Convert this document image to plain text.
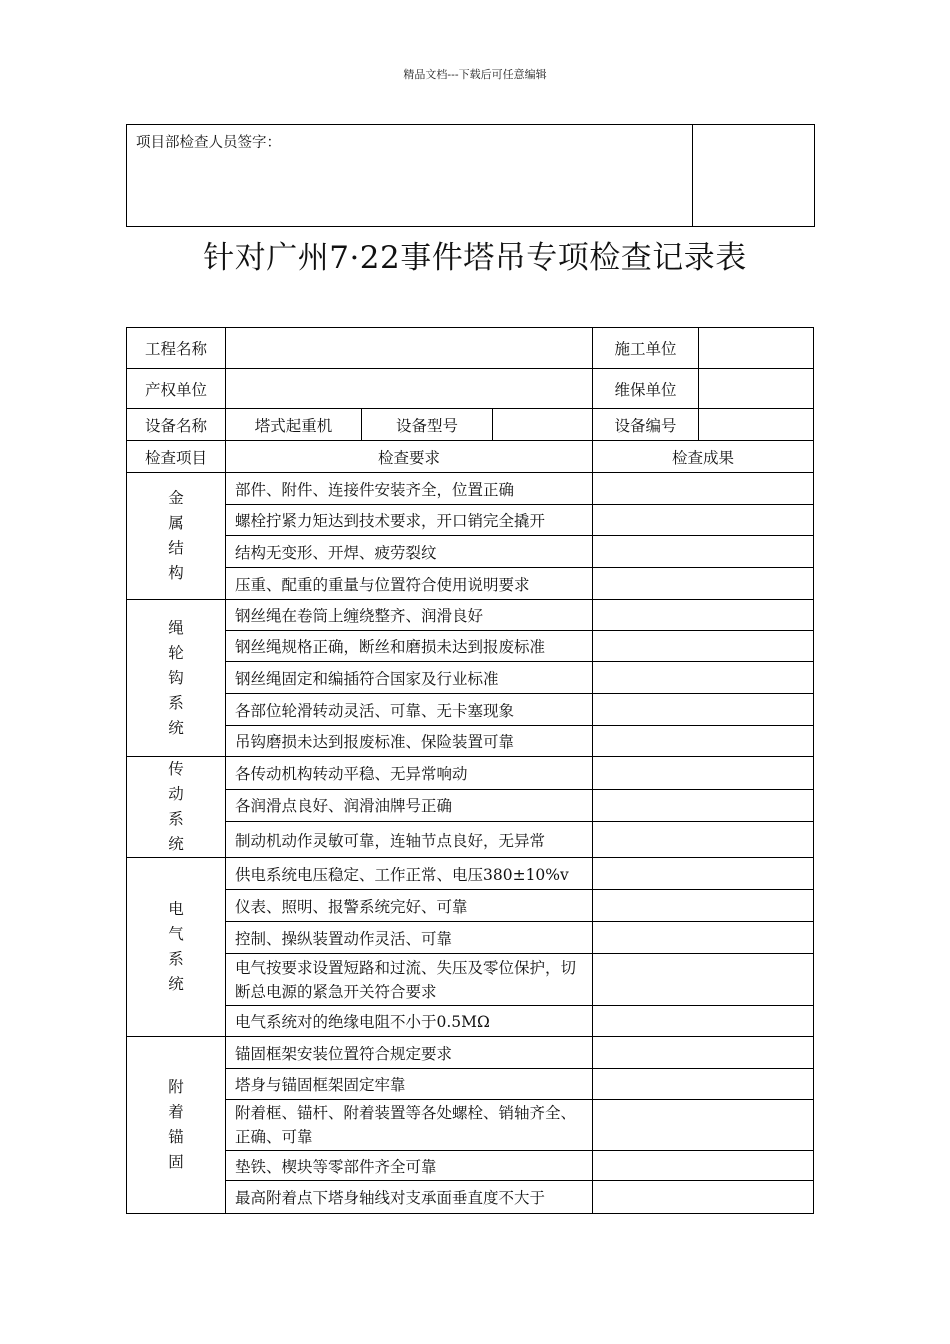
精品文档---下载后可任意编辑
项目部检查人员签字：
针对广州7·22事件塔吊专项检查记录表
工程名称				施工单位	
产权单位				维保单位	
设备名称	塔式起重机	设备型号		设备编号	
检查项目	检查要求			检查成果	
金
属
结
构	部件、附件、连接件安装齐全，位置正确				
	螺栓拧紧力矩达到技术要求，开口销完全撬开				
	结构无变形、开焊、疲劳裂纹				
	压重、配重的重量与位置符合使用说明要求				
绳
轮
钩
系
统	钢丝绳在卷筒上缠绕整齐、润滑良好				
	钢丝绳规格正确，断丝和磨损未达到报废标准				
	钢丝绳固定和编插符合国家及行业标准				
	各部位轮滑转动灵活、可靠、无卡塞现象				
	吊钩磨损未达到报废标准、保险装置可靠				
传
动
系
统	各传动机构转动平稳、无异常响动				
	各润滑点良好、润滑油牌号正确				
	制动机动作灵敏可靠，连轴节点良好，无异常				
电
气
系
统	供电系统电压稳定、工作正常、电压380±10%v				
	仪表、照明、报警系统完好、可靠				
	控制、操纵装置动作灵活、可靠				
	电气按要求设置短路和过流、失压及零位保护，切断总电源的紧急开关符合要求				
	电气系统对的绝缘电阻不小于0.5MΩ				
附
着
锚
固	锚固框架安装位置符合规定要求				
	塔身与锚固框架固定牢靠				
	附着框、锚杆、附着装置等各处螺栓、销轴齐全、正确、可靠				
	垫铁、楔块等零部件齐全可靠				
	最高附着点下塔身轴线对支承面垂直度不大于				
